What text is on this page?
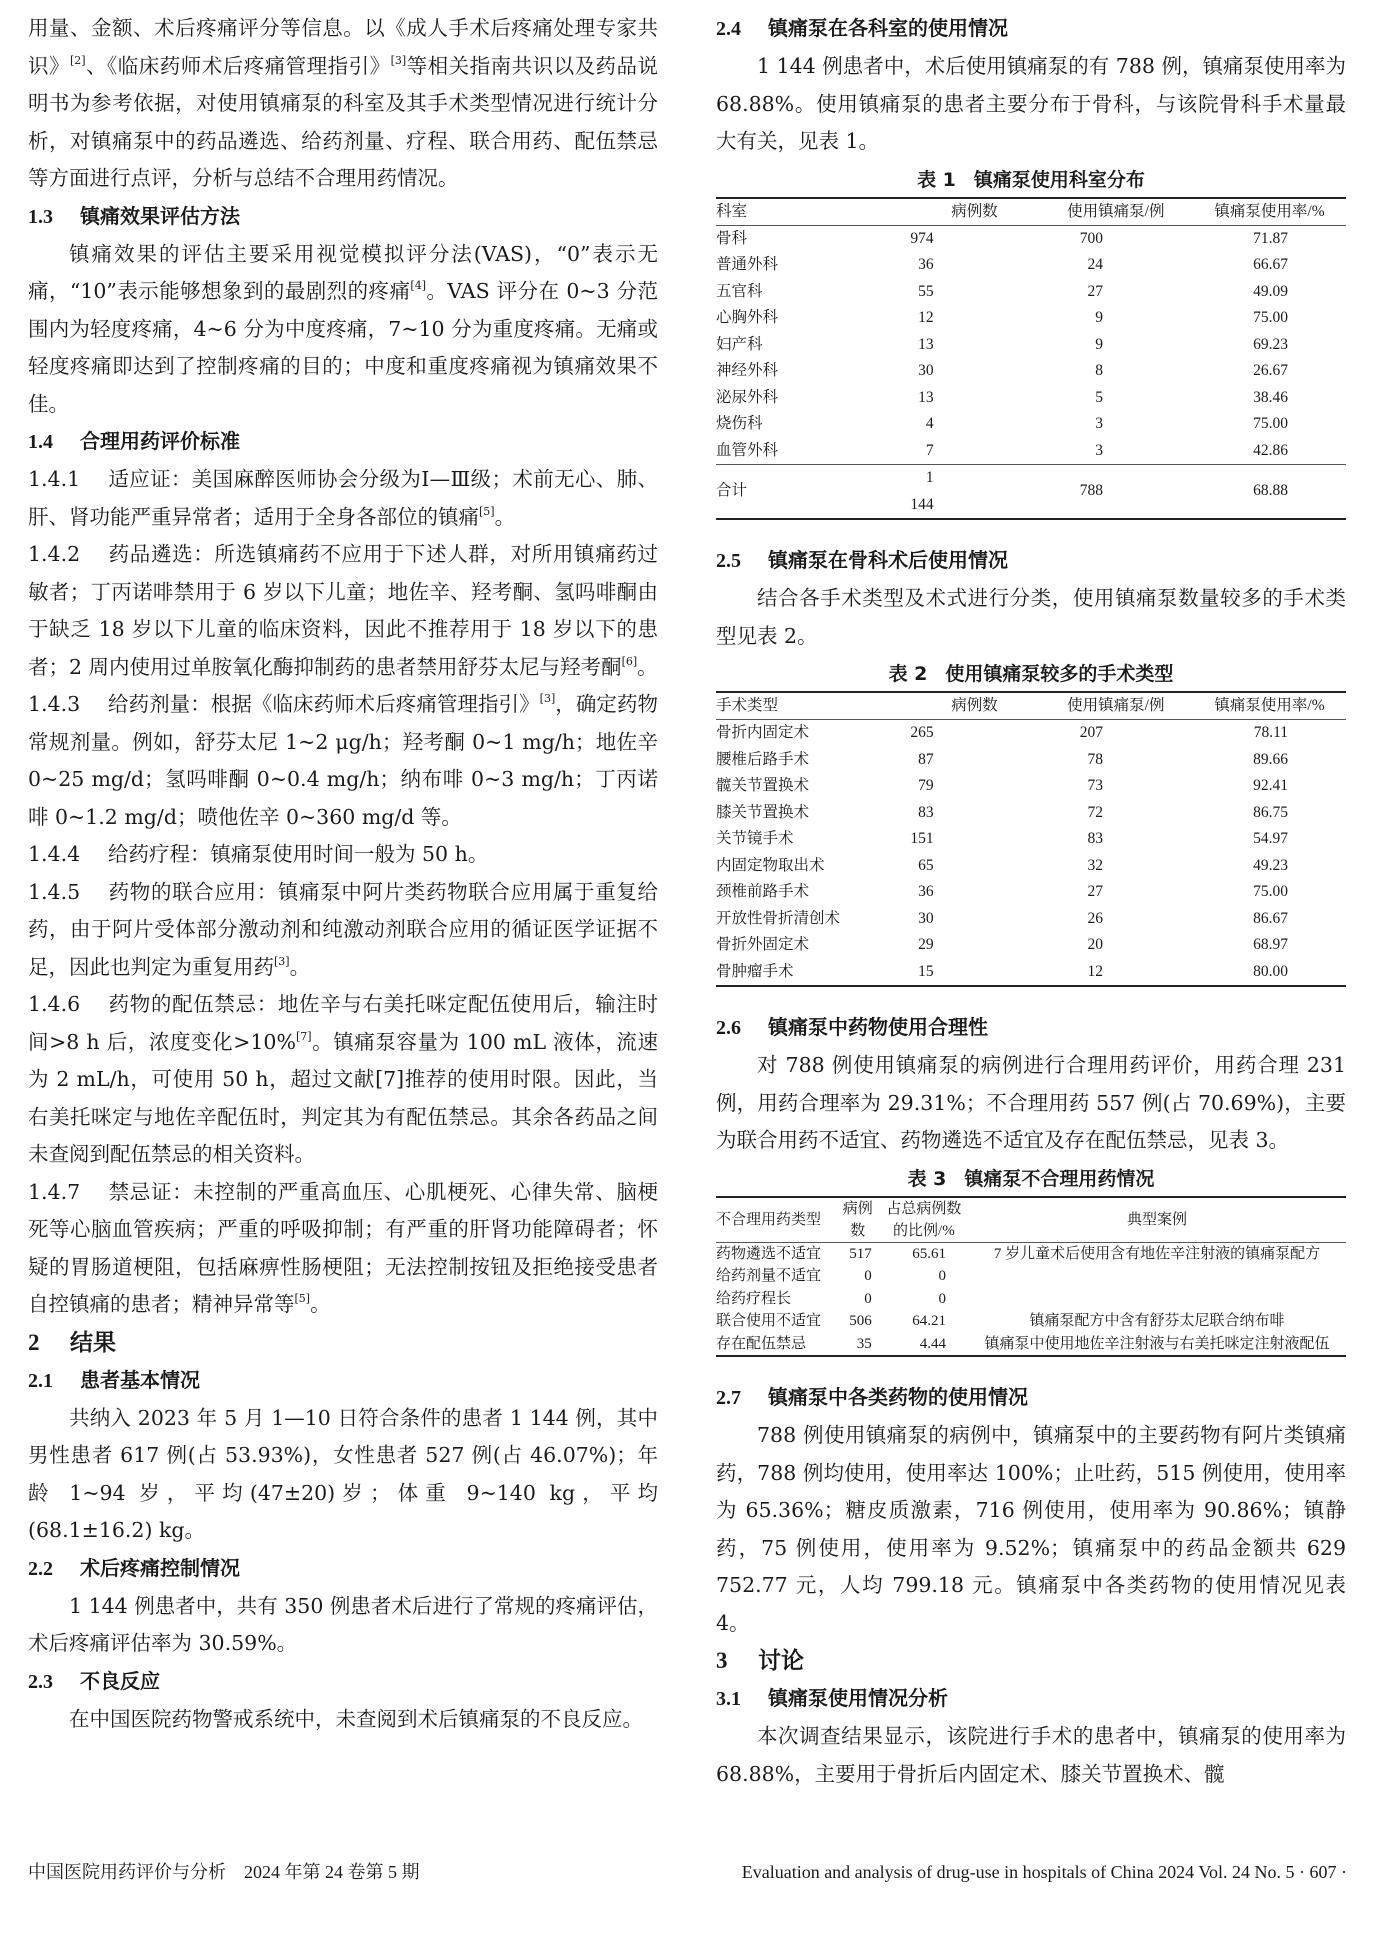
用量、金额、术后疼痛评分等信息。以《成人手术后疼痛处理专家共识》[2]、《临床药师术后疼痛管理指引》[3]等相关指南共识以及药品说明书为参考依据，对使用镇痛泵的科室及其手术类型情况进行统计分析，对镇痛泵中的药品遴选、给药剂量、疗程、联合用药、配伍禁忌等方面进行点评，分析与总结不合理用药情况。

1.3 镇痛效果评估方法

镇痛效果的评估主要采用视觉模拟评分法(VAS)，“0”表示无痛，“10”表示能够想象到的最剧烈的疼痛[4]。VAS 评分在 0~3 分范围内为轻度疼痛，4~6 分为中度疼痛，7~10 分为重度疼痛。无痛或轻度疼痛即达到了控制疼痛的目的；中度和重度疼痛视为镇痛效果不佳。

1.4 合理用药评价标准

1.4.1 适应证：美国麻醉医师协会分级为Ⅰ—Ⅲ级；术前无心、肺、肝、肾功能严重异常者；适用于全身各部位的镇痛[5]。

1.4.2 药品遴选：所选镇痛药不应用于下述人群，对所用镇痛药过敏者；丁丙诺啡禁用于 6 岁以下儿童；地佐辛、羟考酮、氢吗啡酮由于缺乏 18 岁以下儿童的临床资料，因此不推荐用于 18 岁以下的患者；2 周内使用过单胺氧化酶抑制药的患者禁用舒芬太尼与羟考酮[6]。

1.4.3 给药剂量：根据《临床药师术后疼痛管理指引》[3]，确定药物常规剂量。例如，舒芬太尼 1~2 μg/h；羟考酮 0~1 mg/h；地佐辛 0~25 mg/d；氢吗啡酮 0~0.4 mg/h；纳布啡 0~3 mg/h；丁丙诺啡 0~1.2 mg/d；喷他佐辛 0~360 mg/d 等。

1.4.4 给药疗程：镇痛泵使用时间一般为 50 h。

1.4.5 药物的联合应用：镇痛泵中阿片类药物联合应用属于重复给药，由于阿片受体部分激动剂和纯激动剂联合应用的循证医学证据不足，因此也判定为重复用药[3]。

1.4.6 药物的配伍禁忌：地佐辛与右美托咪定配伍使用后，输注时间>8 h 后，浓度变化>10%[7]。镇痛泵容量为 100 mL 液体，流速为 2 mL/h，可使用 50 h，超过文献[7]推荐的使用时限。因此，当右美托咪定与地佐辛配伍时，判定其为有配伍禁忌。其余各药品之间未查阅到配伍禁忌的相关资料。

1.4.7 禁忌证：未控制的严重高血压、心肌梗死、心律失常、脑梗死等心脑血管疾病；严重的呼吸抑制；有严重的肝肾功能障碍者；怀疑的胃肠道梗阻，包括麻痹性肠梗阻；无法控制按钮及拒绝接受患者自控镇痛的患者；精神异常等[5]。

2 结果
2.1 患者基本情况

共纳入 2023 年 5 月 1—10 日符合条件的患者 1 144 例，其中男性患者 617 例(占 53.93%)，女性患者 527 例(占 46.07%)；年龄 1~94 岁，平均(47±20)岁；体重 9~140 kg，平均(68.1±16.2) kg。

2.2 术后疼痛控制情况

1 144 例患者中，共有 350 例患者术后进行了常规的疼痛评估，术后疼痛评估率为 30.59%。

2.3 不良反应

在中国医院药物警戒系统中，未查阅到术后镇痛泵的不良反应。

2.4 镇痛泵在各科室的使用情况

1 144 例患者中，术后使用镇痛泵的有 788 例，镇痛泵使用率为 68.88%。使用镇痛泵的患者主要分布于骨科，与该院骨科手术量最大有关，见表 1。

表 1 镇痛泵使用科室分布
科室	病例数	使用镇痛泵/例	镇痛泵使用率/%
骨科	974	700	71.87
普通外科	36	24	66.67
五官科	55	27	49.09
心胸外科	12	9	75.00
妇产科	13	9	69.23
神经外科	30	8	26.67
泌尿外科	13	5	38.46
烧伤科	4	3	75.00
血管外科	7	3	42.86
合计	1 144	788	68.88
2.5 镇痛泵在骨科术后使用情况

结合各手术类型及术式进行分类，使用镇痛泵数量较多的手术类型见表 2。

表 2 使用镇痛泵较多的手术类型
手术类型	病例数	使用镇痛泵/例	镇痛泵使用率/%
骨折内固定术	265	207	78.11
腰椎后路手术	87	78	89.66
髋关节置换术	79	73	92.41
膝关节置换术	83	72	86.75
关节镜手术	151	83	54.97
内固定物取出术	65	32	49.23
颈椎前路手术	36	27	75.00
开放性骨折清创术	30	26	86.67
骨折外固定术	29	20	68.97
骨肿瘤手术	15	12	80.00
2.6 镇痛泵中药物使用合理性

对 788 例使用镇痛泵的病例进行合理用药评价，用药合理 231 例，用药合理率为 29.31%；不合理用药 557 例(占 70.69%)，主要为联合用药不适宜、药物遴选不适宜及存在配伍禁忌，见表 3。

表 3 镇痛泵不合理用药情况
不合理用药类型	病例数	占总病例数的比例/%	典型案例
药物遴选不适宜	517	65.61	7 岁儿童术后使用含有地佐辛注射液的镇痛泵配方
给药剂量不适宜	0	0	
给药疗程长	0	0	
联合使用不适宜	506	64.21	镇痛泵配方中含有舒芬太尼联合纳布啡
存在配伍禁忌	35	4.44	镇痛泵中使用地佐辛注射液与右美托咪定注射液配伍
2.7 镇痛泵中各类药物的使用情况

788 例使用镇痛泵的病例中，镇痛泵中的主要药物有阿片类镇痛药，788 例均使用，使用率达 100%；止吐药，515 例使用，使用率为 65.36%；糖皮质激素，716 例使用，使用率为 90.86%；镇静药，75 例使用，使用率为 9.52%；镇痛泵中的药品金额共 629 752.77 元，人均 799.18 元。镇痛泵中各类药物的使用情况见表 4。

3 讨论
3.1 镇痛泵使用情况分析

本次调查结果显示，该院进行手术的患者中，镇痛泵的使用率为 68.88%，主要用于骨折后内固定术、膝关节置换术、髋

中国医院用药评价与分析　2024 年第 24 卷第 5 期	Evaluation and analysis of drug-use in hospitals of China 2024 Vol. 24 No. 5 · 607 ·
